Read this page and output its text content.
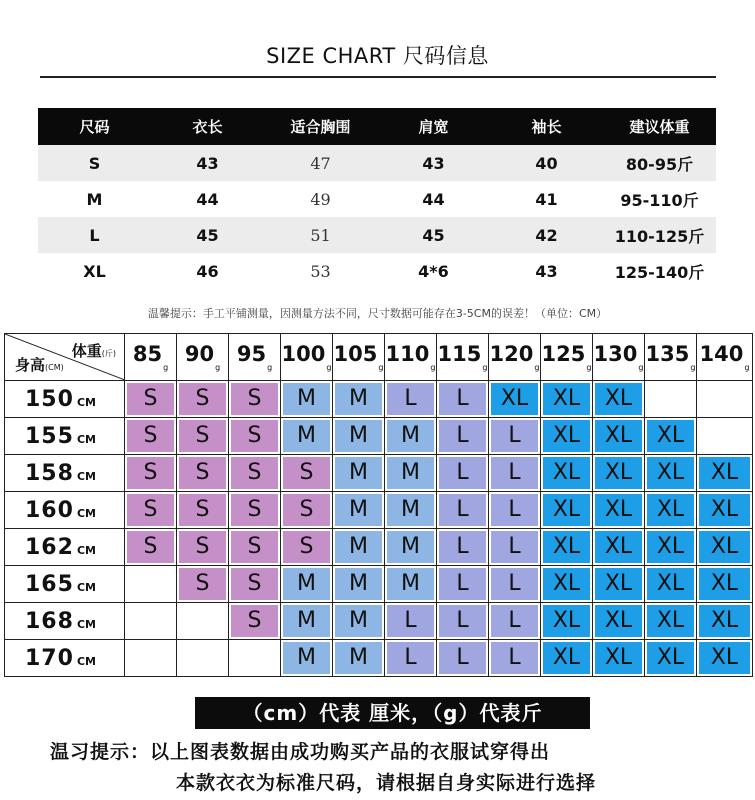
SIZE CHART 尺码信息
尺码	衣长	适合胸围	肩宽	袖长	建议体重
S	43	47	43	40	80-95斤
M	44	49	44	41	95-110斤
L	45	51	45	42	110-125斤
XL	46	53	4*6	43	125-140斤
温馨提示：手工平铺测量，因测量方法不同，尺寸数据可能存在3-5CM的误差！（单位：CM）
体重(斤)
身高(CM)	$85_g$	$90_g$	$95_g$	$100_g$	$105_g$	$110_g$	$115_g$	$120_g$	$125_g$	$130_g$	$135_g$	$140_g$
150 CM	S	S	S	M	M	L	L	XL	XL	XL		
155 CM	S	S	S	M	M	M	L	L	XL	XL	XL	
158 CM	S	S	S	S	M	M	L	L	XL	XL	XL	XL
160 CM	S	S	S	S	M	M	L	L	XL	XL	XL	XL
162 CM	S	S	S	S	M	M	L	L	XL	XL	XL	XL
165 CM		S	S	M	M	M	L	L	XL	XL	XL	XL
168 CM			S	M	M	L	L	L	XL	XL	XL	XL
170 CM				M	M	L	L	L	XL	XL	XL	XL
（cm）代表 厘米，（g）代表斤
温习提示：以上图表数据由成功购买产品的衣服试穿得出
本款衣衣为标准尺码，请根据自身实际进行选择
